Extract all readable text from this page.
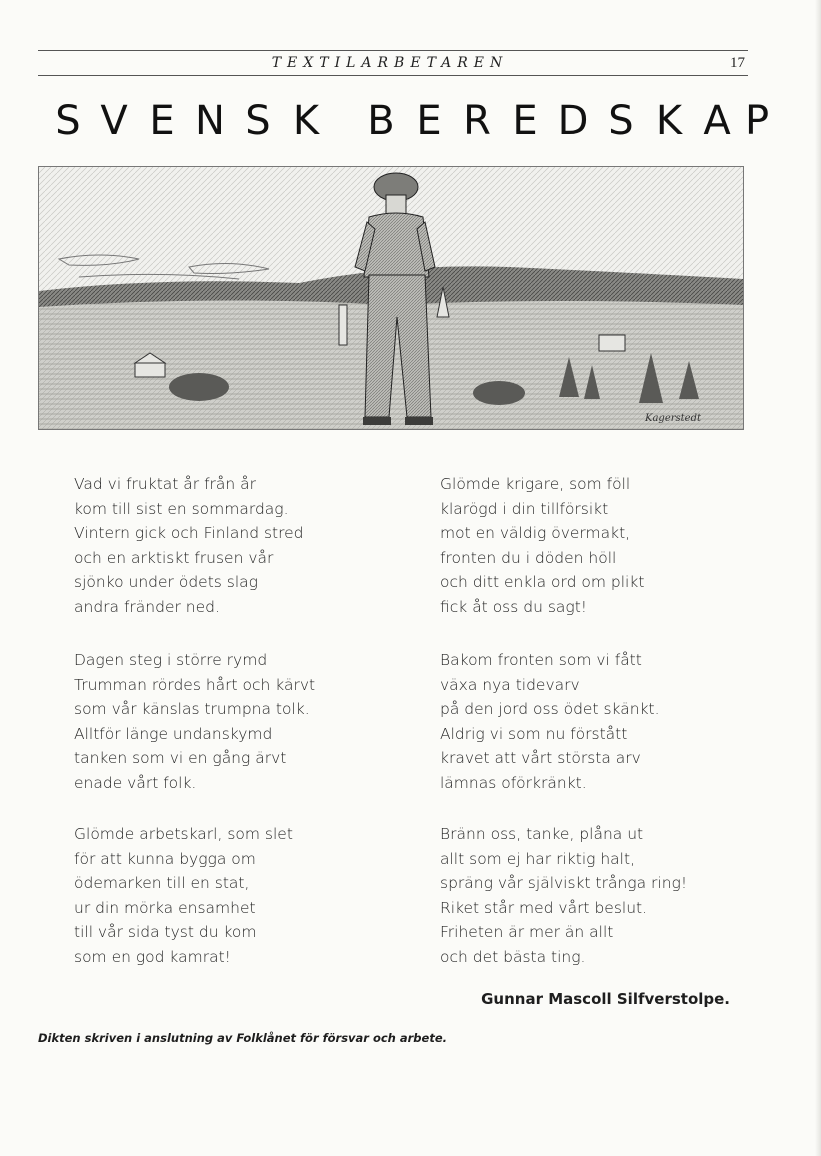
TEXTILARBETAREN	17
S V E N S K	B E R E D S K A P
Kagerstedt
Vad vi fruktat år från år
kom till sist en sommardag.
Vintern gick och Finland stred
och en arktiskt frusen vår
sjönko under ödets slag
andra fränder ned.
Dagen steg i större rymd
Trumman rördes hårt och kärvt
som vår känslas trumpna tolk.
Alltför länge undanskymd
tanken som vi en gång ärvt
enade vårt folk.
Glömde arbetskarl, som slet
för att kunna bygga om
ödemarken till en stat,
ur din mörka ensamhet
till vår sida tyst du kom
som en god kamrat!
Glömde krigare, som föll
klarögd i din tillförsikt
mot en väldig övermakt,
fronten du i döden höll
och ditt enkla ord om plikt
fick åt oss du sagt!
Bakom fronten som vi fått
växa nya tidevarv
på den jord oss ödet skänkt.
Aldrig vi som nu förstått
kravet att vårt största arv
lämnas oförkränkt.
Bränn oss, tanke, plåna ut
allt som ej har riktig halt,
spräng vår själviskt trånga ring!
Riket står med vårt beslut.
Friheten är mer än allt
och det bästa ting.
Gunnar Mascoll Silfverstolpe.
Dikten skriven i anslutning av Folklånet för försvar och arbete.
